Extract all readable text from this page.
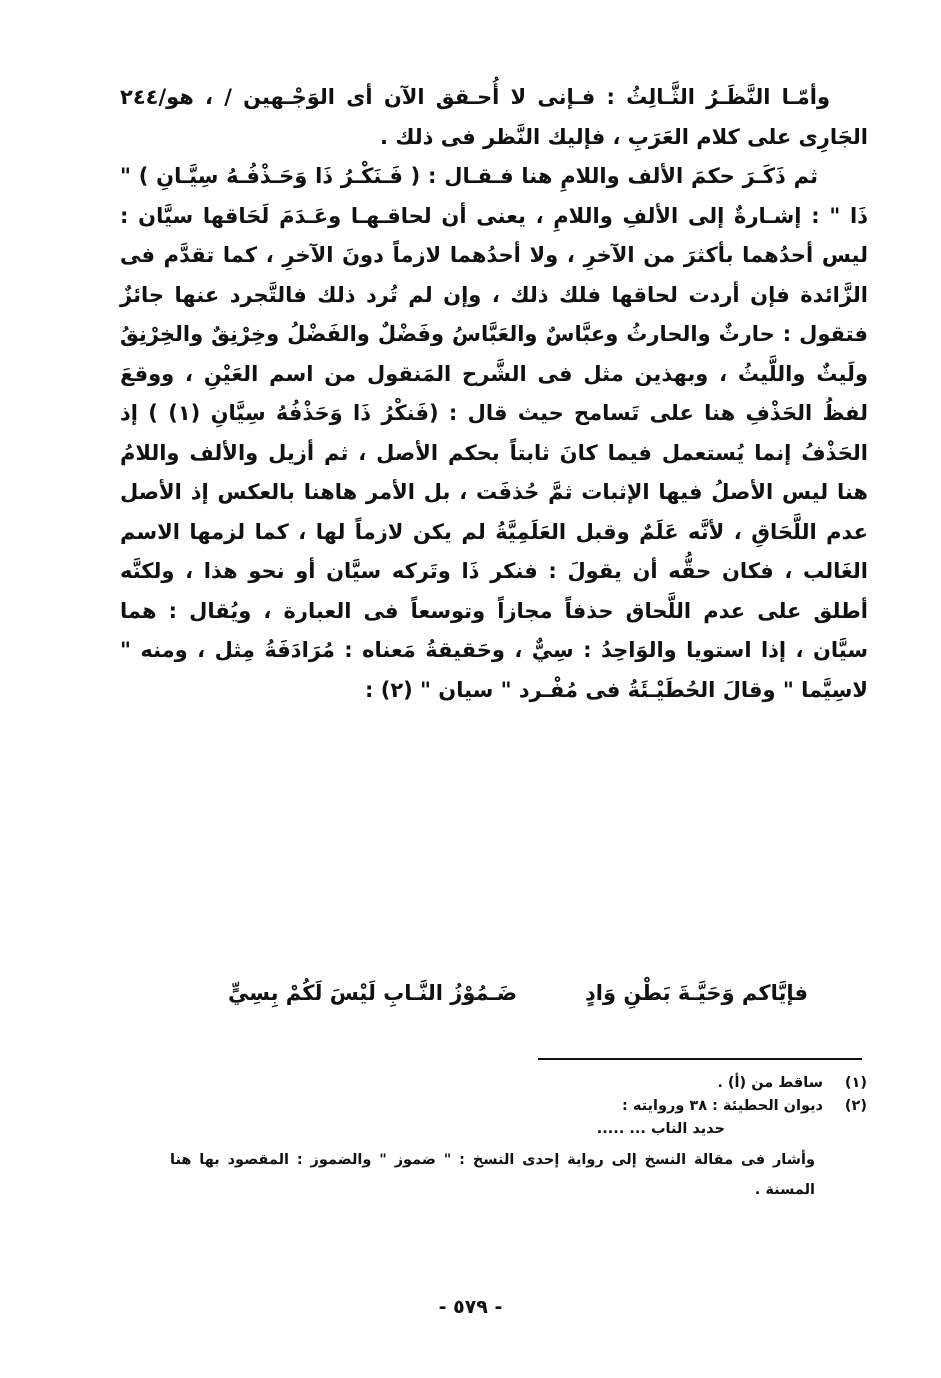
وأمّـا النَّظَـرُ الثَّـالِثُ : فـإنى لا أُحـقق الآن أى الوَجْـهين / ، هو/٢٤٤ الجَارِى على كلام العَرَبِ ، فإليك النَّظر فى ذلك .

ثم ذَكَـرَ حكمَ الألف واللامِ هنا فـقـال : ( فَـنَكْـرُ ذَا وَحَـذْفُـهُ سِيَّـانِ ) " ذَا " : إشـارةٌ إلى الألفِ واللامِ ، يعنى أن لحاقـهـا وعَـدَمَ لَحَاقها سيَّان : ليس أحدُهما بأكثرَ من الآخرِ ، ولا أحدُهما لازماً دونَ الآخرِ ، كما تقدَّم فى الزَّائدة فإن أردت لحاقها فلك ذلك ، وإن لم تُرد ذلك فالتَّجرد عنها جائزٌ فتقول : حارثٌ والحارثُ وعبَّاسٌ والعَبَّاسُ وفَضْلٌ والفَضْلُ وخِرْنِقٌ والخِرْنِقُ ولَيثٌ واللَّيثُ ، وبهذين مثل فى الشَّرح المَنقول من اسم العَيْنِ ، ووقعَ لفظُ الحَذْفِ هنا على تَسامح حيث قال : (فَنكْرُ ذَا وَحَذْفُهُ سِيَّانِ (١) ) إذ الحَذْفُ إنما يُستعمل فيما كانَ ثابتاً بحكم الأصل ، ثم أزيل والألف واللامُ هنا ليس الأصلُ فيها الإثبات ثمَّ حُذفَت ، بل الأمر هاهنا بالعكس إذ الأصل عدم اللَّحَاقِ ، لأنَّه عَلَمٌ وقبل العَلَمِيَّةُ لم يكن لازماً لها ، كما لزمها الاسم الغَالب ، فكان حقُّه أن يقولَ : فنكر ذَا وتَركه سيَّان أو نحو هذا ، ولكنَّه أطلق على عدم اللَّحاق حذفاً مجازاً وتوسعاً فى العبارة ، ويُقال : هما سيَّان ، إذا استويا والوَاحِدُ : سِيٌّ ، وحَقيقةُ مَعناه : مُرَادَفَةُ مِثل ، ومنه " لاسِيَّما " وقالَ الحُطَيْـئَةُ فى مُفْـرد " سيان " (٢) :

فإيَّاكم وَحَيَّـةَ بَطْنِ وَادٍ
ضَـمُوْزُ النَّـابِ لَيْسَ لَكُمْ بِسِيٍّ
(١)ساقط من (أ) .
(٢)ديوان الحطيئة : ٣٨ وروايته :
حديد الناب ... .....
وأشار فى مقالة النسخ إلى رواية إحدى النسخ : " ضموز " والضموز : المقصود بها هنا المسنة .
- ٥٧٩ -
